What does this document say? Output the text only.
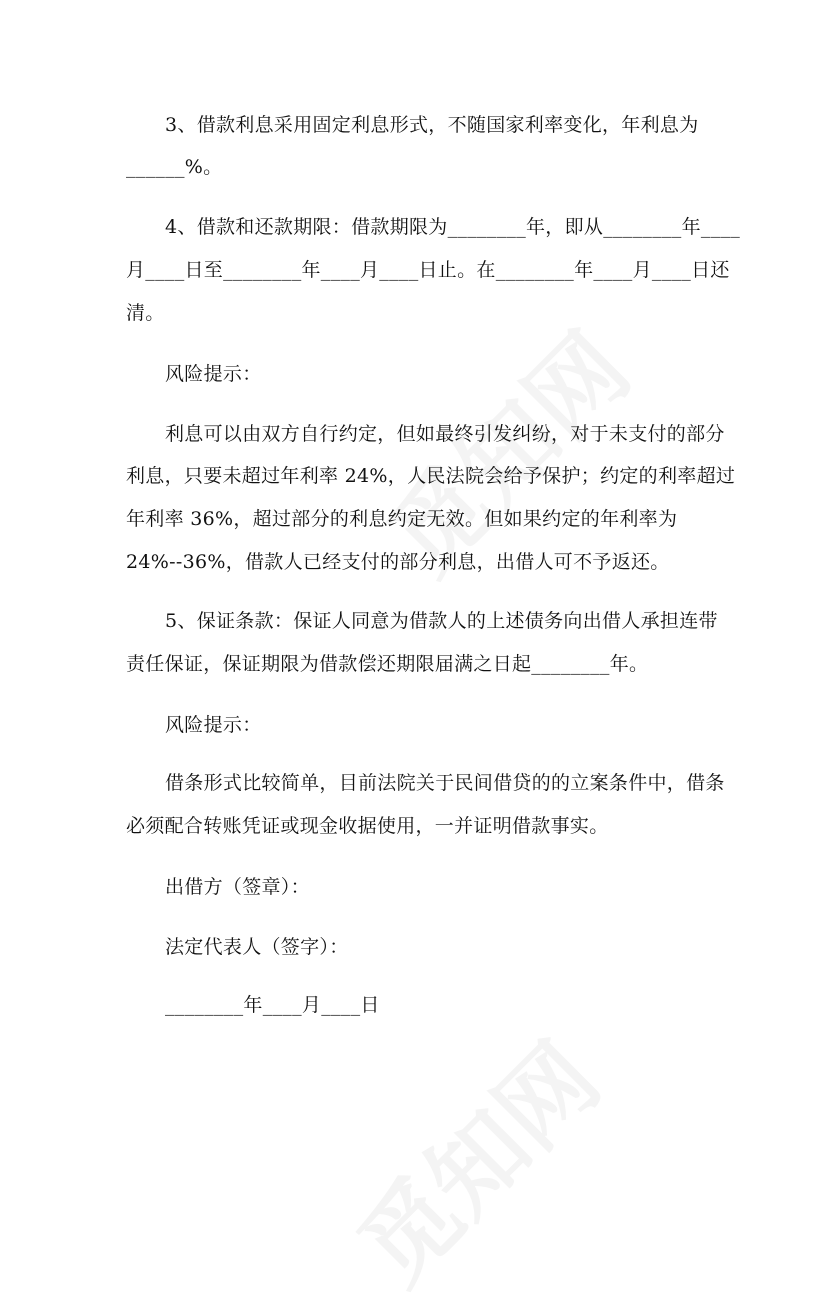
3、借款利息采用固定利息形式，不随国家利率变化，年利息为
______%。
4、借款和还款期限：借款期限为________年，即从________年____
月____日至________年____月____日止。在________年____月____日还
清。
风险提示：
利息可以由双方自行约定，但如最终引发纠纷，对于未支付的部分
利息，只要未超过年利率 24%，人民法院会给予保护；约定的利率超过
年利率 36%，超过部分的利息约定无效。但如果约定的年利率为
24%--36%，借款人已经支付的部分利息，出借人可不予返还。
5、保证条款：保证人同意为借款人的上述债务向出借人承担连带
责任保证，保证期限为借款偿还期限届满之日起________年。
风险提示：
借条形式比较简单，目前法院关于民间借贷的的立案条件中，借条
必须配合转账凭证或现金收据使用，一并证明借款事实。
出借方（签章）：
法定代表人（签字）：
________年____月____日
